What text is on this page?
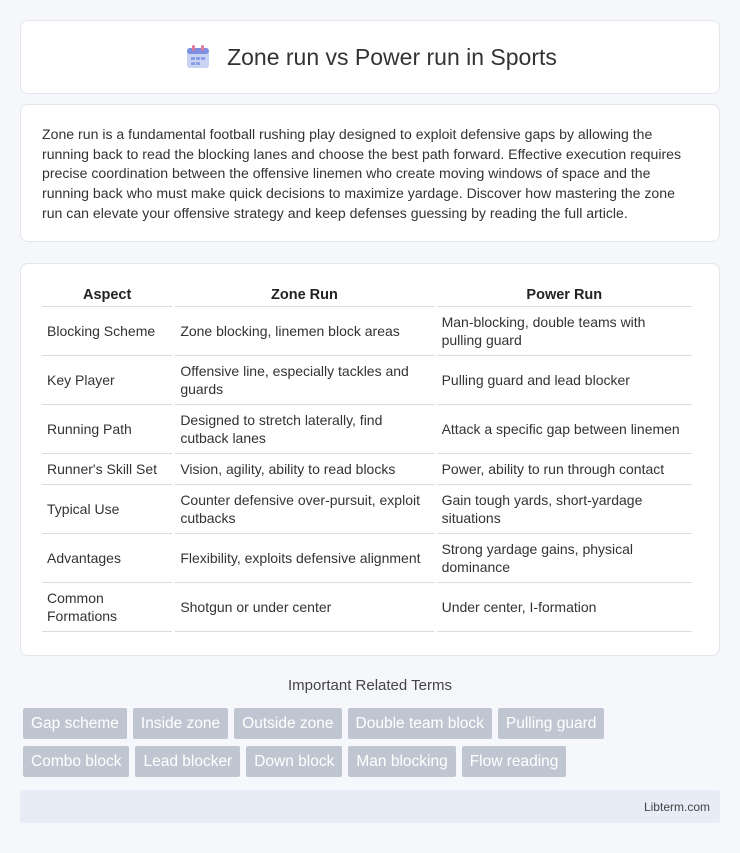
Zone run vs Power run in Sports

Zone run is a fundamental football rushing play designed to exploit defensive gaps by allowing the running back to read the blocking lanes and choose the best path forward. Effective execution requires precise coordination between the offensive linemen who create moving windows of space and the running back who must make quick decisions to maximize yardage. Discover how mastering the zone run can elevate your offensive strategy and keep defenses guessing by reading the full article.

Aspect	Zone Run	Power Run
Blocking Scheme	Zone blocking, linemen block areas	Man-blocking, double teams with pulling guard
Key Player	Offensive line, especially tackles and guards	Pulling guard and lead blocker
Running Path	Designed to stretch laterally, find cutback lanes	Attack a specific gap between linemen
Runner's Skill Set	Vision, agility, ability to read blocks	Power, ability to run through contact
Typical Use	Counter defensive over-pursuit, exploit cutbacks	Gain tough yards, short-yardage situations
Advantages	Flexibility, exploits defensive alignment	Strong yardage gains, physical dominance
Common Formations	Shotgun or under center	Under center, I-formation
Important Related Terms
Gap scheme	Inside zone	Outside zone	Double team block	Pulling guard
Combo block	Lead blocker	Down block	Man blocking	Flow reading
Libterm.com
